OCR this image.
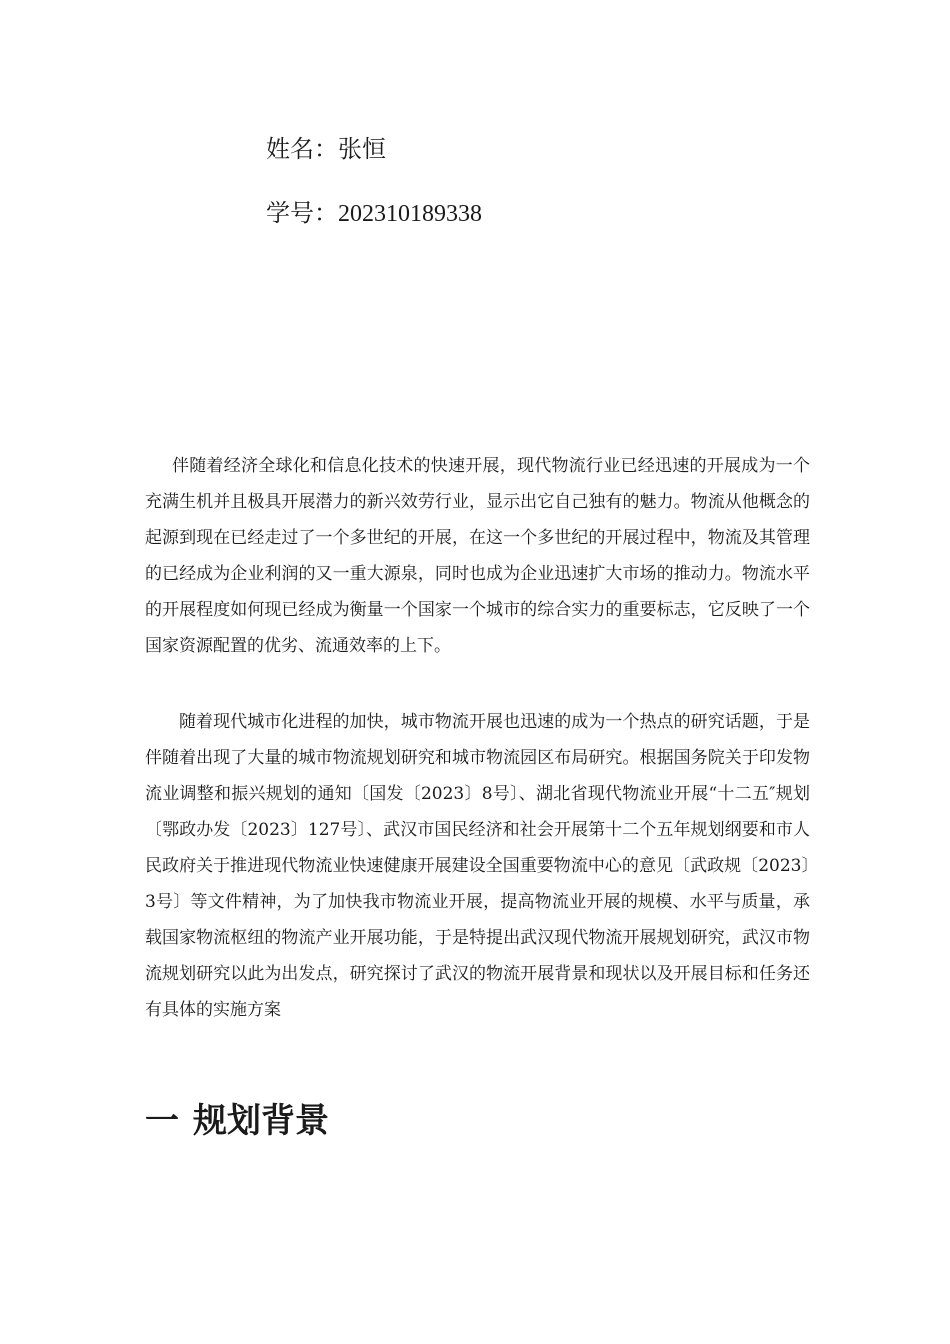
姓名：张恒
学号：202310189338

伴随着经济全球化和信息化技术的快速开展，现代物流行业已经迅速的开展成为一个充满生机并且极具开展潜力的新兴效劳行业，显示出它自己独有的魅力。物流从他概念的起源到现在已经走过了一个多世纪的开展，在这一个多世纪的开展过程中，物流及其管理的已经成为企业利润的又一重大源泉，同时也成为企业迅速扩大市场的推动力。物流水平的开展程度如何现已经成为衡量一个国家一个城市的综合实力的重要标志，它反映了一个国家资源配置的优劣、流通效率的上下。

随着现代城市化进程的加快，城市物流开展也迅速的成为一个热点的研究话题，于是伴随着出现了大量的城市物流规划研究和城市物流园区布局研究。根据国务院关于印发物流业调整和振兴规划的通知〔国发〔2023〕8号〕、湖北省现代物流业开展“十二五″规划〔鄂政办发〔2023〕127号〕、武汉市国民经济和社会开展第十二个五年规划纲要和市人民政府关于推进现代物流业快速健康开展建设全国重要物流中心的意见〔武政规〔2023〕3号〕等文件精神，为了加快我市物流业开展，提高物流业开展的规模、水平与质量，承载国家物流枢纽的物流产业开展功能，于是特提出武汉现代物流开展规划研究，武汉市物流规划研究以此为出发点，研究探讨了武汉的物流开展背景和现状以及开展目标和任务还有具体的实施方案

一 规划背景
